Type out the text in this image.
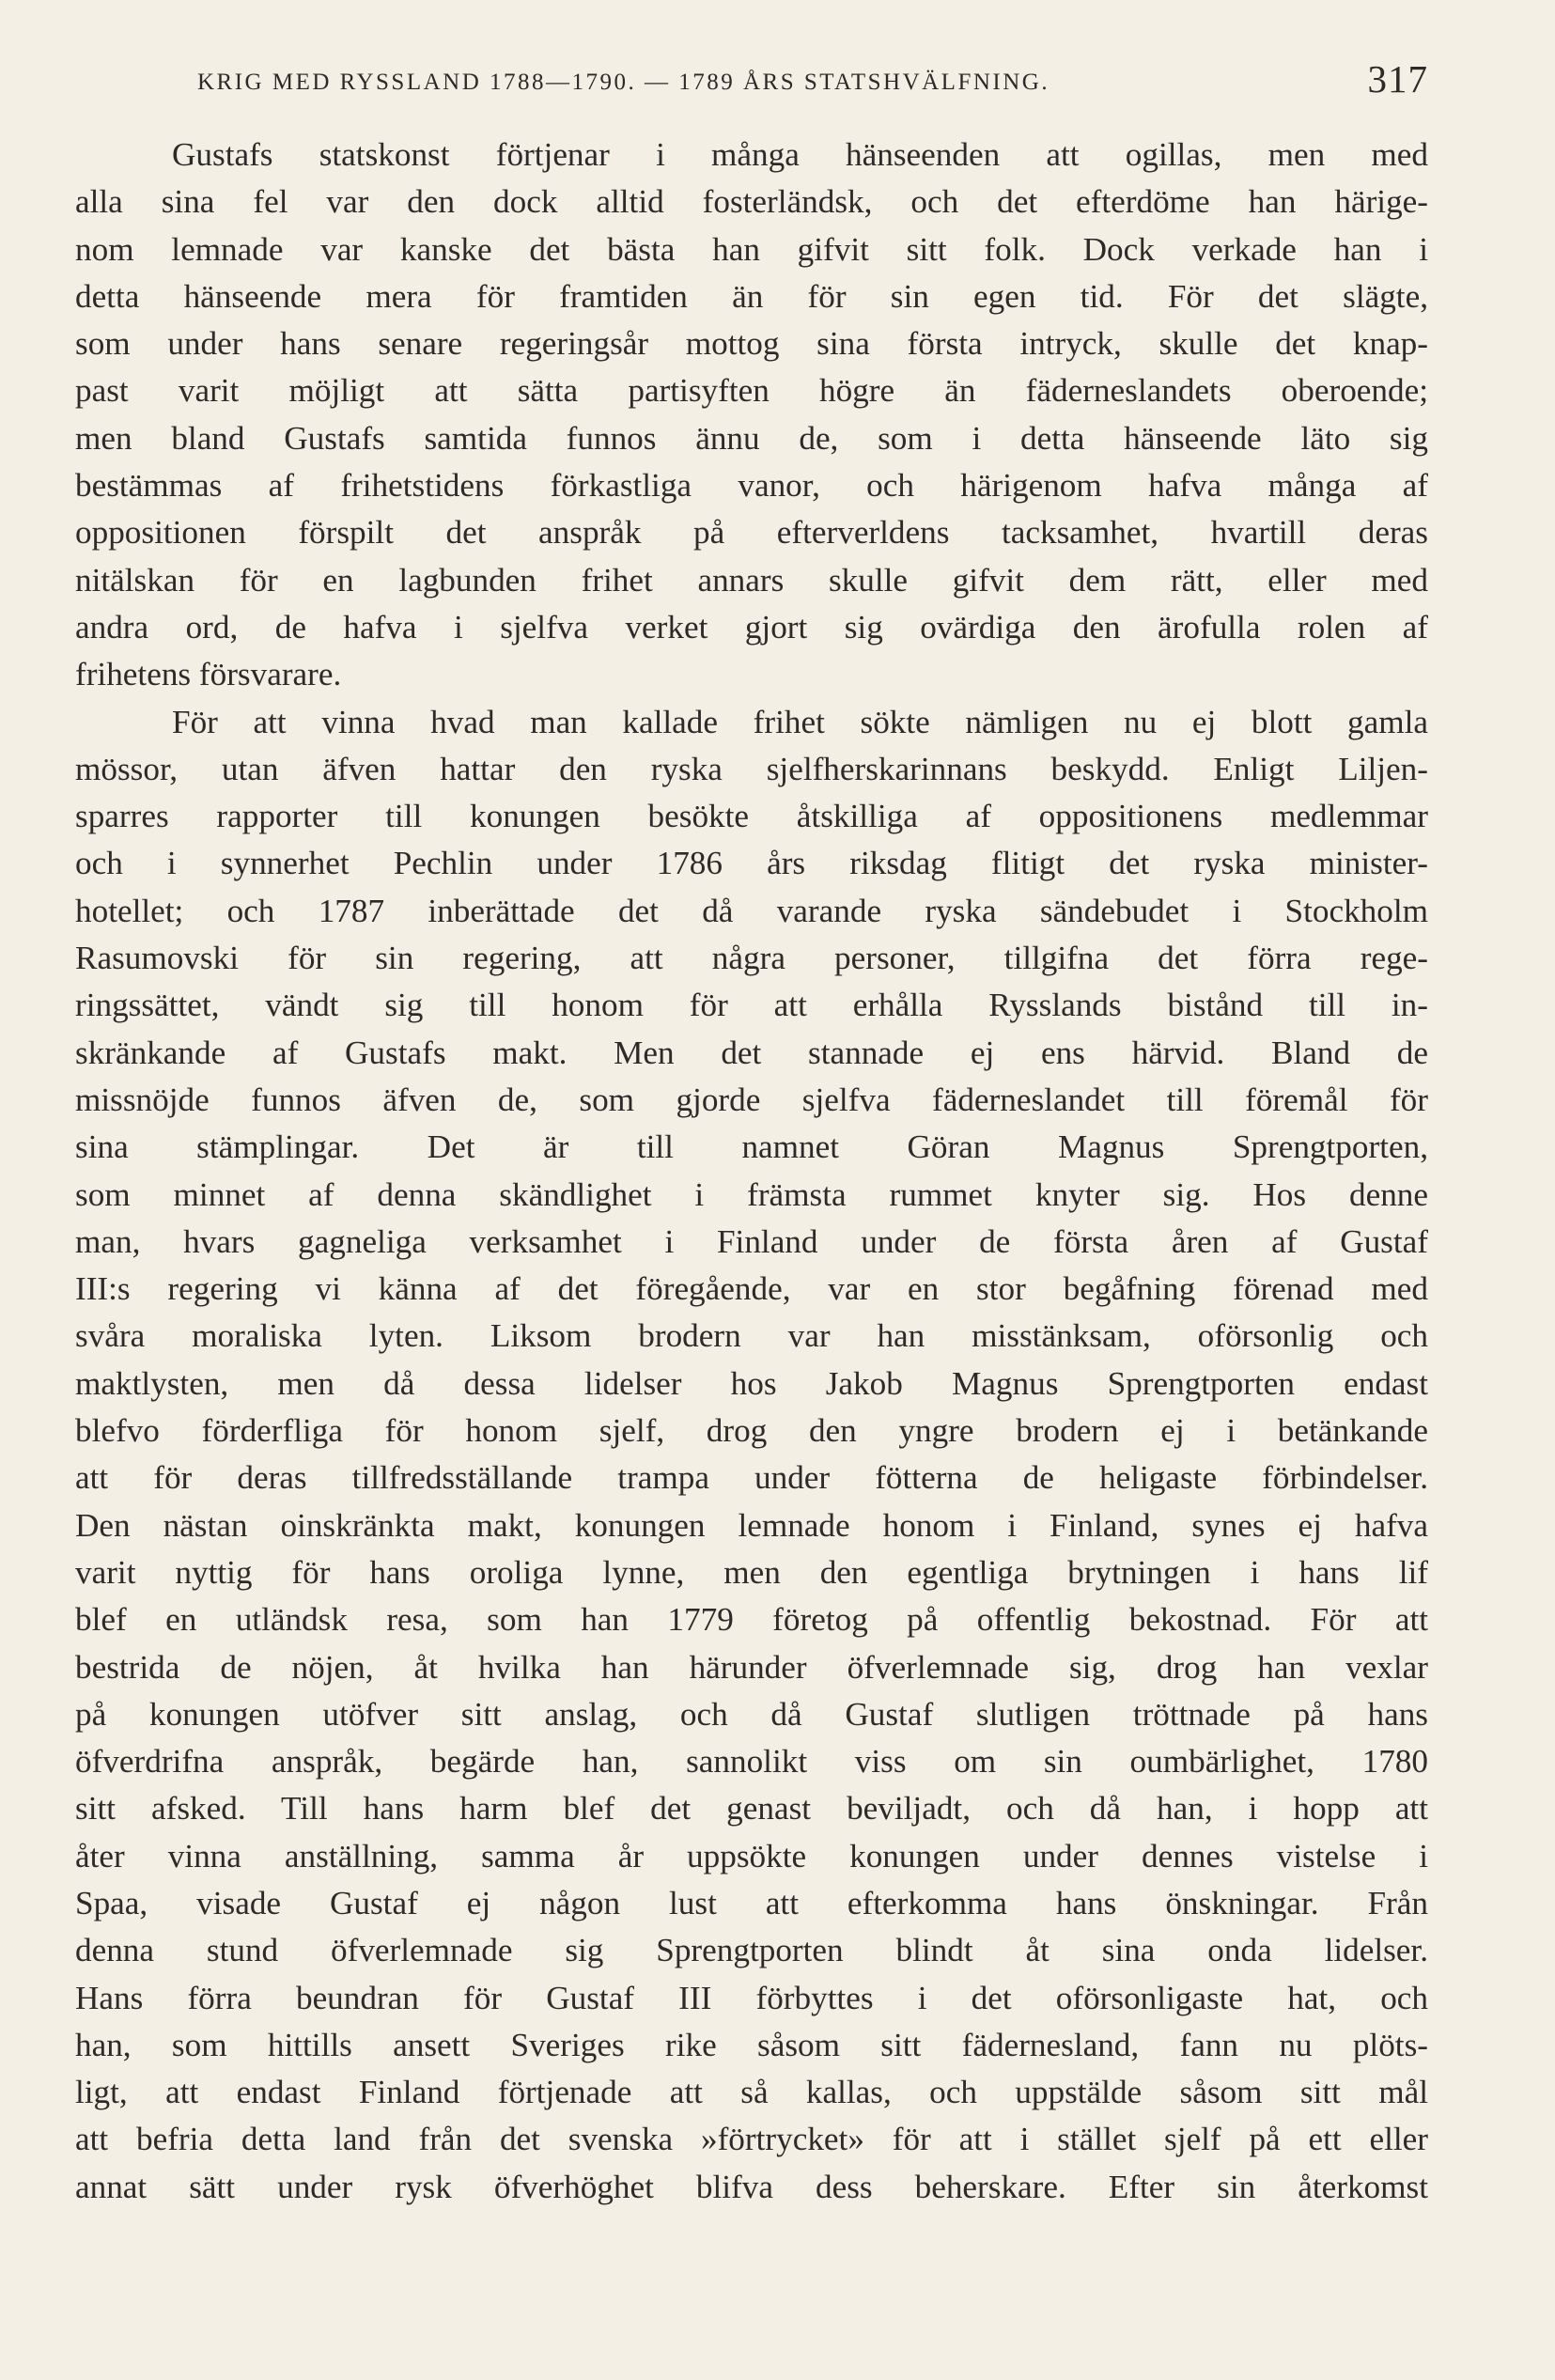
KRIG MED RYSSLAND 1788—1790. — 1789 ÅRS STATSHVÄLFNING.	317
Gustafs statskonst förtjenar i många hänseenden att ogillas, men med
alla sina fel var den dock alltid fosterländsk, och det efterdöme han härige-
nom lemnade var kanske det bästa han gifvit sitt folk. Dock verkade han i
detta hänseende mera för framtiden än för sin egen tid. För det slägte,
som under hans senare regeringsår mottog sina första intryck, skulle det knap-
past varit möjligt att sätta partisyften högre än fäderneslandets oberoende;
men bland Gustafs samtida funnos ännu de, som i detta hänseende läto sig
bestämmas af frihetstidens förkastliga vanor, och härigenom hafva många af
oppositionen förspilt det anspråk på efterverldens tacksamhet, hvartill deras
nitälskan för en lagbunden frihet annars skulle gifvit dem rätt, eller med
andra ord, de hafva i sjelfva verket gjort sig ovärdiga den ärofulla rolen af
frihetens försvarare.
För att vinna hvad man kallade frihet sökte nämligen nu ej blott gamla
mössor, utan äfven hattar den ryska sjelfherskarinnans beskydd. Enligt Liljen-
sparres rapporter till konungen besökte åtskilliga af oppositionens medlemmar
och i synnerhet Pechlin under 1786 års riksdag flitigt det ryska minister-
hotellet; och 1787 inberättade det då varande ryska sändebudet i Stockholm
Rasumovski för sin regering, att några personer, tillgifna det förra rege-
ringssättet, vändt sig till honom för att erhålla Rysslands bistånd till in-
skränkande af Gustafs makt. Men det stannade ej ens härvid. Bland de
missnöjde funnos äfven de, som gjorde sjelfva fäderneslandet till föremål för
sina stämplingar. Det är till namnet Göran Magnus Sprengtporten,
som minnet af denna skändlighet i främsta rummet knyter sig. Hos denne
man, hvars gagneliga verksamhet i Finland under de första åren af Gustaf
III:s regering vi känna af det föregående, var en stor begåfning förenad med
svåra moraliska lyten. Liksom brodern var han misstänksam, oförsonlig och
maktlysten, men då dessa lidelser hos Jakob Magnus Sprengtporten endast
blefvo förderfliga för honom sjelf, drog den yngre brodern ej i betänkande
att för deras tillfredsställande trampa under fötterna de heligaste förbindelser.
Den nästan oinskränkta makt, konungen lemnade honom i Finland, synes ej hafva
varit nyttig för hans oroliga lynne, men den egentliga brytningen i hans lif
blef en utländsk resa, som han 1779 företog på offentlig bekostnad. För att
bestrida de nöjen, åt hvilka han härunder öfverlemnade sig, drog han vexlar
på konungen utöfver sitt anslag, och då Gustaf slutligen tröttnade på hans
öfverdrifna anspråk, begärde han, sannolikt viss om sin oumbärlighet, 1780
sitt afsked. Till hans harm blef det genast beviljadt, och då han, i hopp att
åter vinna anställning, samma år uppsökte konungen under dennes vistelse i
Spaa, visade Gustaf ej någon lust att efterkomma hans önskningar. Från
denna stund öfverlemnade sig Sprengtporten blindt åt sina onda lidelser.
Hans förra beundran för Gustaf III förbyttes i det oförsonligaste hat, och
han, som hittills ansett Sveriges rike såsom sitt fädernesland, fann nu plöts-
ligt, att endast Finland förtjenade att så kallas, och uppstälde såsom sitt mål
att befria detta land från det svenska »förtrycket» för att i stället sjelf på ett eller
annat sätt under rysk öfverhöghet blifva dess beherskare. Efter sin återkomst
